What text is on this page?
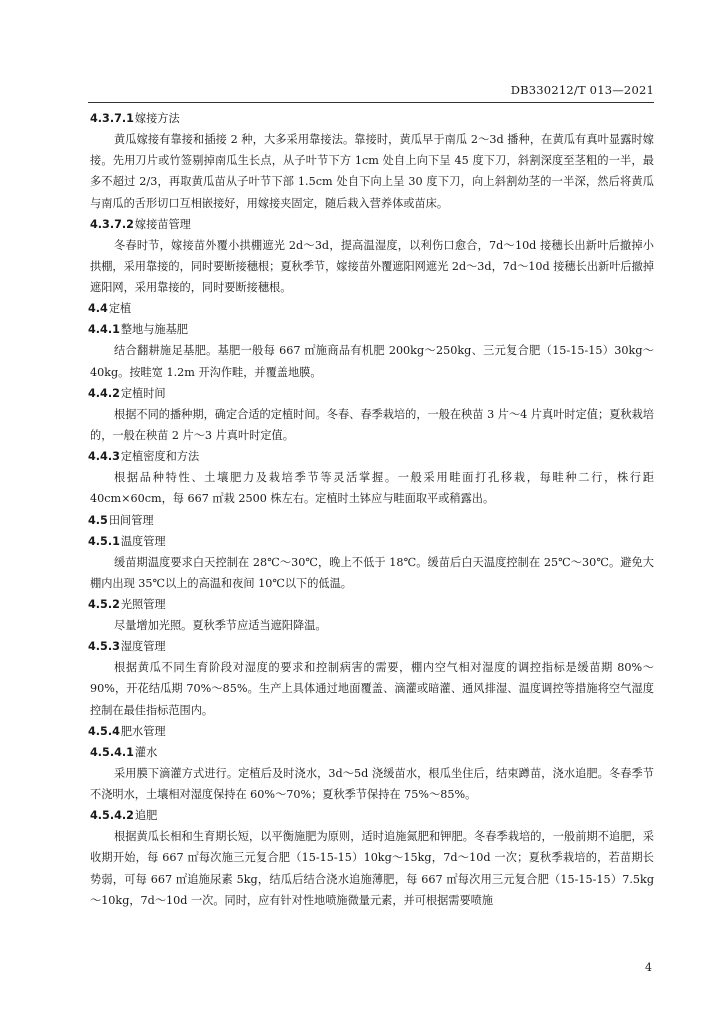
DB330212/T 013—2021
4.3.7.1嫁接方法
黄瓜嫁接有靠接和插接 2 种，大多采用靠接法。靠接时，黄瓜早于南瓜 2～3d 播种，在黄瓜有真叶显露时嫁接。先用刀片或竹签剔掉南瓜生长点，从子叶节下方 1cm 处自上向下呈 45 度下刀，斜割深度至茎粗的一半，最多不超过 2/3，再取黄瓜苗从子叶节下部 1.5cm 处自下向上呈 30 度下刀，向上斜割幼茎的一半深，然后将黄瓜与南瓜的舌形切口互相嵌接好，用嫁接夹固定，随后栽入营养体或苗床。
4.3.7.2嫁接苗管理
冬春时节，嫁接苗外覆小拱棚遮光 2d～3d，提高温湿度，以利伤口愈合，7d～10d 接穗长出新叶后撤掉小拱棚，采用靠接的，同时要断接穗根；夏秋季节，嫁接苗外覆遮阳网遮光 2d～3d，7d～10d 接穗长出新叶后撤掉遮阳网，采用靠接的，同时要断接穗根。
4.4定植
4.4.1整地与施基肥
结合翻耕施足基肥。基肥一般每 667 ㎡施商品有机肥 200kg～250kg、三元复合肥（15-15-15）30kg～40kg。按畦宽 1.2m 开沟作畦，并覆盖地膜。
4.4.2定植时间
根据不同的播种期，确定合适的定植时间。冬春、春季栽培的，一般在秧苗 3 片～4 片真叶时定值；夏秋栽培的，一般在秧苗 2 片～3 片真叶时定值。
4.4.3定植密度和方法
根据品种特性、土壤肥力及栽培季节等灵活掌握。一般采用畦面打孔移栽，每畦种二行，株行距 40cm×60cm，每 667 ㎡栽 2500 株左右。定植时土钵应与畦面取平或稍露出。
4.5田间管理
4.5.1温度管理
缓苗期温度要求白天控制在 28℃～30℃，晚上不低于 18℃。缓苗后白天温度控制在 25℃～30℃。避免大棚内出现 35℃以上的高温和夜间 10℃以下的低温。
4.5.2光照管理
尽量增加光照。夏秋季节应适当遮阳降温。
4.5.3湿度管理
根据黄瓜不同生育阶段对湿度的要求和控制病害的需要，棚内空气相对湿度的调控指标是缓苗期 80%～90%，开花结瓜期 70%～85%。生产上具体通过地面覆盖、滴灌或暗灌、通风排湿、温度调控等措施将空气湿度控制在最佳指标范围内。
4.5.4肥水管理
4.5.4.1灌水
采用膜下滴灌方式进行。定植后及时浇水，3d～5d 浇缓苗水，根瓜坐住后，结束蹲苗，浇水追肥。冬春季节不浇明水，土壤相对湿度保持在 60%～70%；夏秋季节保持在 75%～85%。
4.5.4.2追肥
根据黄瓜长相和生育期长短，以平衡施肥为原则，适时追施氮肥和钾肥。冬春季栽培的，一般前期不追肥，采收期开始，每 667 ㎡每次施三元复合肥（15-15-15）10kg～15kg，7d～10d 一次；夏秋季栽培的，若苗期长势弱，可每 667 ㎡追施尿素 5kg，结瓜后结合浇水追施薄肥，每 667 ㎡每次用三元复合肥（15-15-15）7.5kg～10kg，7d～10d 一次。同时，应有针对性地喷施微量元素，并可根据需要喷施
4
